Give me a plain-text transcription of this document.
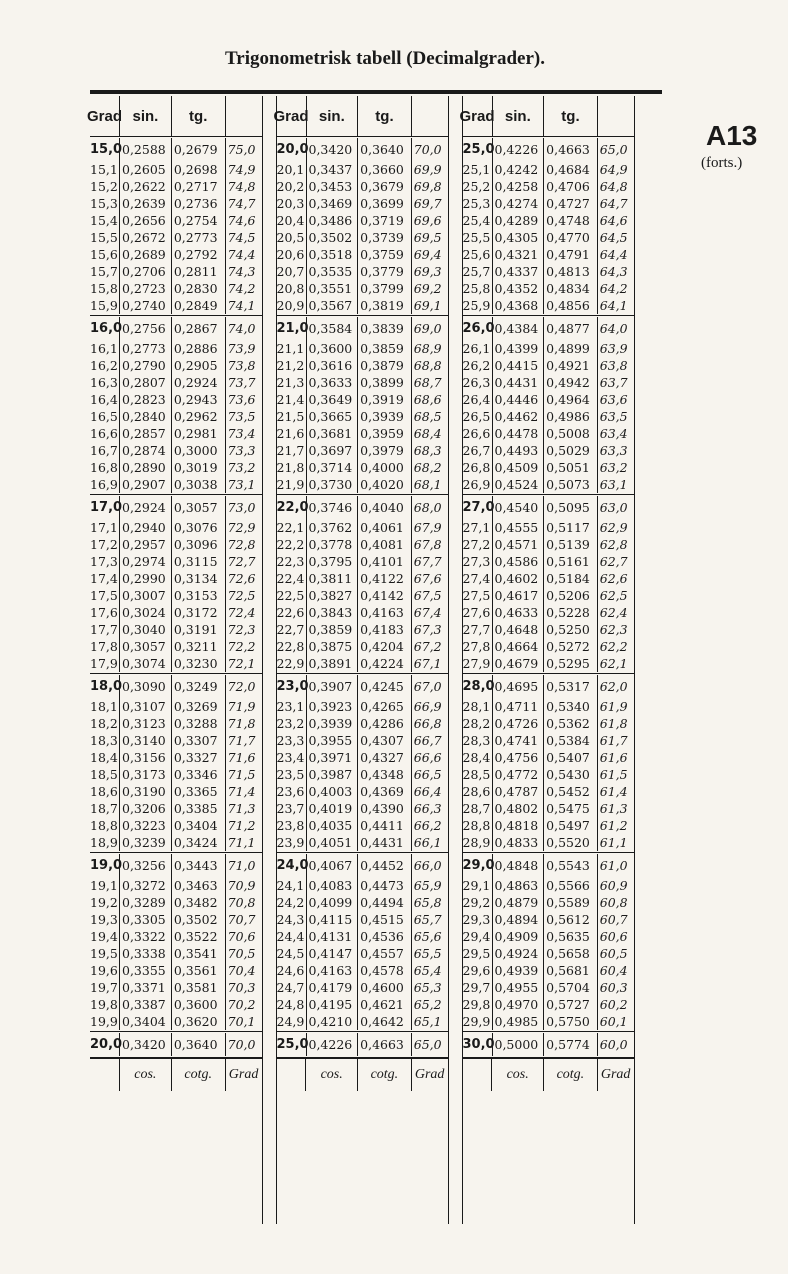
Trigonometrisk tabell (Decimalgrader).
A13
(forts.)
Grad sin.	tg.
15,0 0,2588 0,2679 75,0
15,1 0,2605 0,2698 74,9
15,2 0,2622 0,2717 74,8
15,3 0,2639 0,2736 74,7
15,4 0,2656 0,2754 74,6
15,5 0,2672 0,2773 74,5
15,6 0,2689 0,2792 74,4
15,7 0,2706 0,2811 74,3
15,8 0,2723 0,2830 74,2
15,9 0,2740 0,2849 74,1
16,0 0,2756 0,2867 74,0
16,1 0,2773 0,2886 73,9
16,2 0,2790 0,2905 73,8
16,3 0,2807 0,2924 73,7
16,4 0,2823 0,2943 73,6
16,5 0,2840 0,2962 73,5
16,6 0,2857 0,2981 73,4
16,7 0,2874 0,3000 73,3
16,8 0,2890 0,3019 73,2
16,9 0,2907 0,3038 73,1
17,0 0,2924 0,3057 73,0
17,1 0,2940 0,3076 72,9
17,2 0,2957 0,3096 72,8
17,3 0,2974 0,3115 72,7
17,4 0,2990 0,3134 72,6
17,5 0,3007 0,3153 72,5
17,6 0,3024 0,3172 72,4
17,7 0,3040 0,3191 72,3
17,8 0,3057 0,3211 72,2
17,9 0,3074 0,3230 72,1
18,0 0,3090 0,3249 72,0
18,1 0,3107 0,3269 71,9
18,2 0,3123 0,3288 71,8
18,3 0,3140 0,3307 71,7
18,4 0,3156 0,3327 71,6
18,5 0,3173 0,3346 71,5
18,6 0,3190 0,3365 71,4
18,7 0,3206 0,3385 71,3
18,8 0,3223 0,3404 71,2
18,9 0,3239 0,3424 71,1
19,0 0,3256 0,3443 71,0
19,1 0,3272 0,3463 70,9
19,2 0,3289 0,3482 70,8
19,3 0,3305 0,3502 70,7
19,4 0,3322 0,3522 70,6
19,5 0,3338 0,3541 70,5
19,6 0,3355 0,3561 70,4
19,7 0,3371 0,3581 70,3
19,8 0,3387 0,3600 70,2
19,9 0,3404 0,3620 70,1
20,0 0,3420 0,3640 70,0
cos.	cotg.	Grad

Grad sin.	tg.
20,0 0,3420 0,3640 70,0
20,1 0,3437 0,3660 69,9
20,2 0,3453 0,3679 69,8
20,3 0,3469 0,3699 69,7
20,4 0,3486 0,3719 69,6
20,5 0,3502 0,3739 69,5
20,6 0,3518 0,3759 69,4
20,7 0,3535 0,3779 69,3
20,8 0,3551 0,3799 69,2
20,9 0,3567 0,3819 69,1
21,0 0,3584 0,3839 69,0
21,1 0,3600 0,3859 68,9
21,2 0,3616 0,3879 68,8
21,3 0,3633 0,3899 68,7
21,4 0,3649 0,3919 68,6
21,5 0,3665 0,3939 68,5
21,6 0,3681 0,3959 68,4
21,7 0,3697 0,3979 68,3
21,8 0,3714 0,4000 68,2
21,9 0,3730 0,4020 68,1
22,0 0,3746 0,4040 68,0
22,1 0,3762 0,4061 67,9
22,2 0,3778 0,4081 67,8
22,3 0,3795 0,4101 67,7
22,4 0,3811 0,4122 67,6
22,5 0,3827 0,4142 67,5
22,6 0,3843 0,4163 67,4
22,7 0,3859 0,4183 67,3
22,8 0,3875 0,4204 67,2
22,9 0,3891 0,4224 67,1
23,0 0,3907 0,4245 67,0
23,1 0,3923 0,4265 66,9
23,2 0,3939 0,4286 66,8
23,3 0,3955 0,4307 66,7
23,4 0,3971 0,4327 66,6
23,5 0,3987 0,4348 66,5
23,6 0,4003 0,4369 66,4
23,7 0,4019 0,4390 66,3
23,8 0,4035 0,4411 66,2
23,9 0,4051 0,4431 66,1
24,0 0,4067 0,4452 66,0
24,1 0,4083 0,4473 65,9
24,2 0,4099 0,4494 65,8
24,3 0,4115 0,4515 65,7
24,4 0,4131 0,4536 65,6
24,5 0,4147 0,4557 65,5
24,6 0,4163 0,4578 65,4
24,7 0,4179 0,4600 65,3
24,8 0,4195 0,4621 65,2
24,9 0,4210 0,4642 65,1
25,0 0,4226 0,4663 65,0
cos.	cotg.	Grad

Grad sin.	tg.
25,0 0,4226 0,4663 65,0
25,1 0,4242 0,4684 64,9
25,2 0,4258 0,4706 64,8
25,3 0,4274 0,4727 64,7
25,4 0,4289 0,4748 64,6
25,5 0,4305 0,4770 64,5
25,6 0,4321 0,4791 64,4
25,7 0,4337 0,4813 64,3
25,8 0,4352 0,4834 64,2
25,9 0,4368 0,4856 64,1
26,0 0,4384 0,4877 64,0
26,1 0,4399 0,4899 63,9
26,2 0,4415 0,4921 63,8
26,3 0,4431 0,4942 63,7
26,4 0,4446 0,4964 63,6
26,5 0,4462 0,4986 63,5
26,6 0,4478 0,5008 63,4
26,7 0,4493 0,5029 63,3
26,8 0,4509 0,5051 63,2
26,9 0,4524 0,5073 63,1
27,0 0,4540 0,5095 63,0
27,1 0,4555 0,5117 62,9
27,2 0,4571 0,5139 62,8
27,3 0,4586 0,5161 62,7
27,4 0,4602 0,5184 62,6
27,5 0,4617 0,5206 62,5
27,6 0,4633 0,5228 62,4
27,7 0,4648 0,5250 62,3
27,8 0,4664 0,5272 62,2
27,9 0,4679 0,5295 62,1
28,0 0,4695 0,5317 62,0
28,1 0,4711 0,5340 61,9
28,2 0,4726 0,5362 61,8
28,3 0,4741 0,5384 61,7
28,4 0,4756 0,5407 61,6
28,5 0,4772 0,5430 61,5
28,6 0,4787 0,5452 61,4
28,7 0,4802 0,5475 61,3
28,8 0,4818 0,5497 61,2
28,9 0,4833 0,5520 61,1
29,0 0,4848 0,5543 61,0
29,1 0,4863 0,5566 60,9
29,2 0,4879 0,5589 60,8
29,3 0,4894 0,5612 60,7
29,4 0,4909 0,5635 60,6
29,5 0,4924 0,5658 60,5
29,6 0,4939 0,5681 60,4
29,7 0,4955 0,5704 60,3
29,8 0,4970 0,5727 60,2
29,9 0,4985 0,5750 60,1
30,0 0,5000 0,5774 60,0
cos.	cotg.	Grad
